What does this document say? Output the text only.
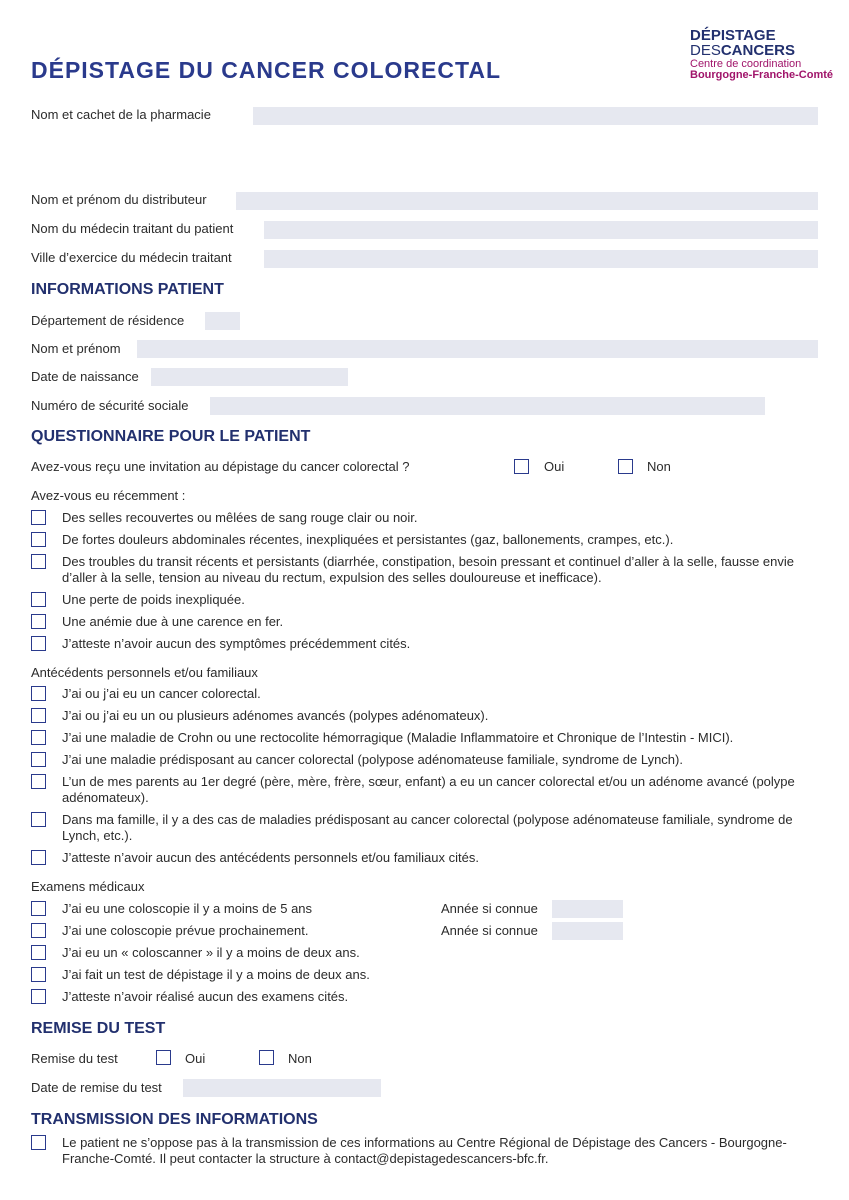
DÉPISTAGE DU CANCER COLORECTAL
DÉPISTAGE
DESCANCERS
Centre de coordination
Bourgogne-Franche-Comté
Nom et cachet de la pharmacie
Nom et prénom du distributeur
Nom du médecin traitant du patient
Ville d’exercice du médecin traitant
INFORMATIONS PATIENT
Département de résidence
Nom et prénom
Date de naissance
Numéro de sécurité sociale
QUESTIONNAIRE POUR LE PATIENT
Avez-vous reçu une invitation au dépistage du cancer colorectal ?	Oui	Non
Avez-vous eu récemment :
Des selles recouvertes ou mêlées de sang rouge clair ou noir.
De fortes douleurs abdominales récentes, inexpliquées et persistantes (gaz, ballonements, crampes, etc.).
Des troubles du transit récents et persistants (diarrhée, constipation, besoin pressant et continuel d’aller à la selle, fausse envie d’aller à la selle, tension au niveau du rectum, expulsion des selles douloureuse et inefficace).
Une perte de poids inexpliquée.
Une anémie due à une carence en fer.
J’atteste n’avoir aucun des symptômes précédemment cités.
Antécédents personnels et/ou familiaux
J’ai ou j’ai eu un cancer colorectal.
J’ai ou j’ai eu un ou plusieurs adénomes avancés (polypes adénomateux).
J’ai une maladie de Crohn ou une rectocolite hémorragique (Maladie Inflammatoire et Chronique de l’Intestin - MICI).
J’ai une maladie prédisposant au cancer colorectal (polypose adénomateuse familiale, syndrome de Lynch).
L’un de mes parents au 1er degré (père, mère, frère, sœur, enfant) a eu un cancer colorectal et/ou un adénome avancé (polype adénomateux).
Dans ma famille, il y a des cas de maladies prédisposant au cancer colorectal (polypose adénomateuse familiale, syndrome de Lynch, etc.).
J’atteste n’avoir aucun des antécédents personnels et/ou familiaux cités.
Examens médicaux
J’ai eu une coloscopie il y a moins de 5 ans	Année si connue
J’ai une coloscopie prévue prochainement.	Année si connue
J’ai eu un « coloscanner » il y a moins de deux ans.
J’ai fait un test de dépistage il y a moins de deux ans.
J’atteste n’avoir réalisé aucun des examens cités.
REMISE DU TEST
Remise du test	Oui	Non
Date de remise du test
TRANSMISSION DES INFORMATIONS
Le patient ne s’oppose pas à la transmission de ces informations au Centre Régional de Dépistage des Cancers - Bourgogne-Franche-Comté. Il peut contacter la structure à contact@depistagedescancers-bfc.fr.
